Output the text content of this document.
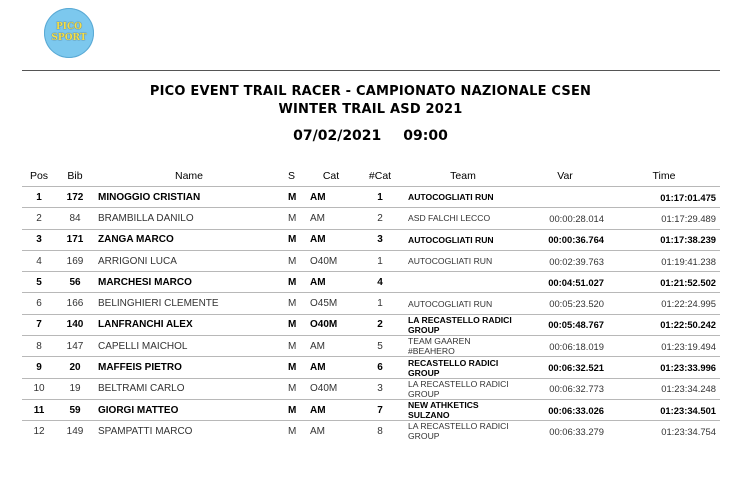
PICO
SPORT
PICO EVENT TRAIL RACER - CAMPIONATO NAZIONALE CSEN
WINTER TRAIL ASD 2021
07/02/2021 09:00
Pos	Bib	Name	S	Cat	#Cat	Team	Var	Time
1	172	MINOGGIO CRISTIAN	M	AM	1	AUTOCOGLIATI RUN		01:17:01.475
2	84	BRAMBILLA DANILO	M	AM	2	ASD FALCHI LECCO	00:00:28.014	01:17:29.489
3	171	ZANGA MARCO	M	AM	3	AUTOCOGLIATI RUN	00:00:36.764	01:17:38.239
4	169	ARRIGONI LUCA	M	O40M	1	AUTOCOGLIATI RUN	00:02:39.763	01:19:41.238
5	56	MARCHESI MARCO	M	AM	4		00:04:51.027	01:21:52.502
6	166	BELINGHIERI CLEMENTE	M	O45M	1	AUTOCOGLIATI RUN	00:05:23.520	01:22:24.995
7	140	LANFRANCHI ALEX	M	O40M	2	LA RECASTELLO RADICI GROUP	00:05:48.767	01:22:50.242
8	147	CAPELLI MAICHOL	M	AM	5	TEAM GAAREN #BEAHERO	00:06:18.019	01:23:19.494
9	20	MAFFEIS PIETRO	M	AM	6	RECASTELLO RADICI GROUP	00:06:32.521	01:23:33.996
10	19	BELTRAMI CARLO	M	O40M	3	LA RECASTELLO RADICI GROUP	00:06:32.773	01:23:34.248
11	59	GIORGI MATTEO	M	AM	7	NEW ATHKETICS SULZANO	00:06:33.026	01:23:34.501
12	149	SPAMPATTI MARCO	M	AM	8	LA RECASTELLO RADICI GROUP	00:06:33.279	01:23:34.754
